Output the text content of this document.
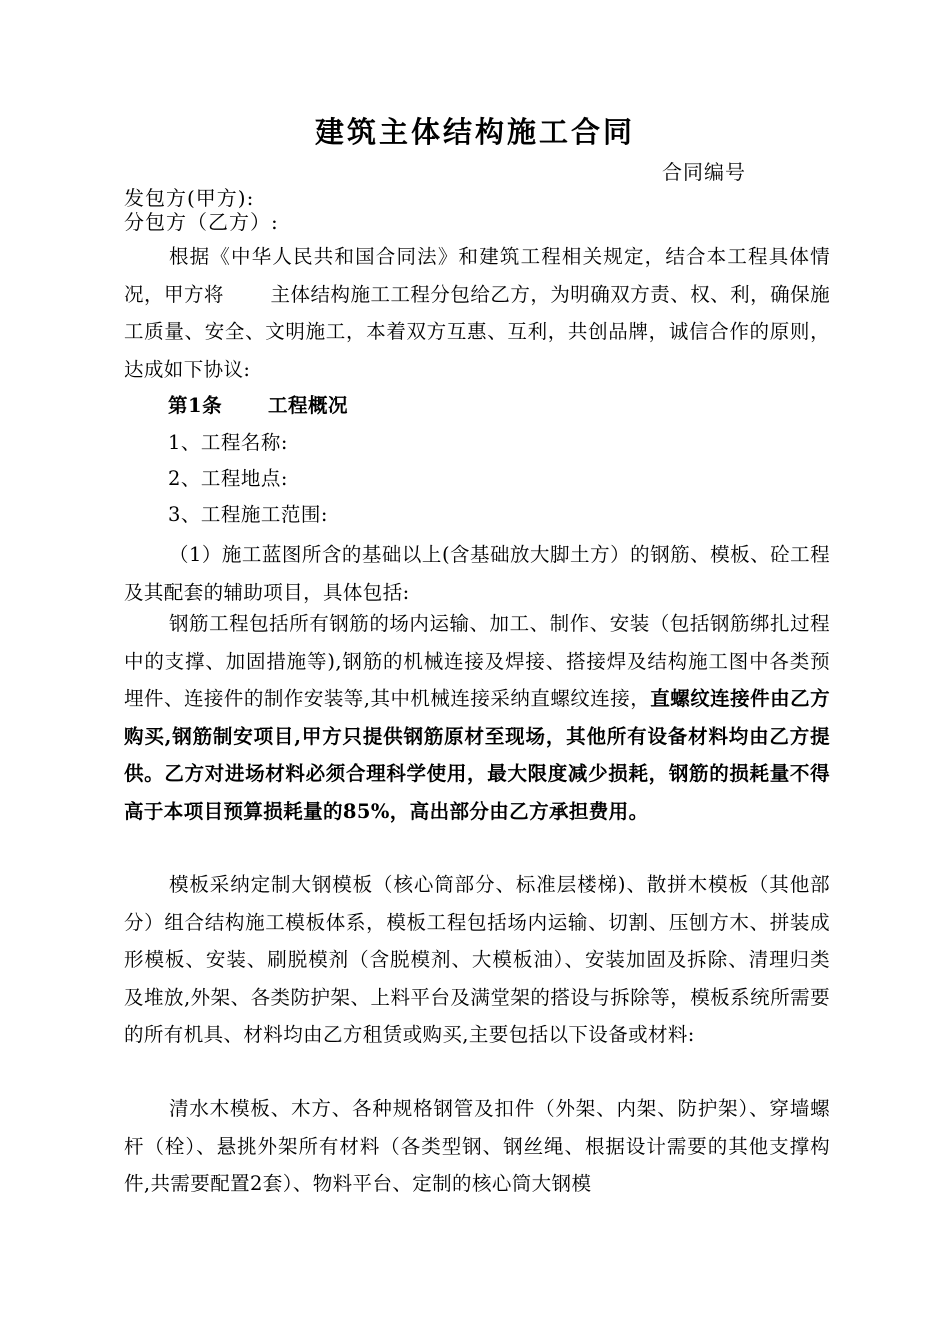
建筑主体结构施工合同
合同编号
发包方(甲方):
分包方（乙方）:
根据《中华人民共和国合同法》和建筑工程相关规定，结合本工程具体情况，甲方将　　 主体结构施工工程分包给乙方，为明确双方责、权、利，确保施工质量、安全、文明施工，本着双方互惠、互利，共创品牌，诚信合作的原则，达成如下协议:
第1条 工程概况
1、工程名称:
2、工程地点:
3、工程施工范围:
（1）施工蓝图所含的基础以上(含基础放大脚土方）的钢筋、模板、砼工程及其配套的辅助项目，具体包括:
钢筋工程包括所有钢筋的场内运输、加工、制作、安装（包括钢筋绑扎过程中的支撑、加固措施等),钢筋的机械连接及焊接、搭接焊及结构施工图中各类预埋件、连接件的制作安装等,其中机械连接采纳直螺纹连接，直螺纹连接件由乙方购买,钢筋制安项目,甲方只提供钢筋原材至现场，其他所有设备材料均由乙方提供。乙方对进场材料必须合理科学使用，最大限度减少损耗，钢筋的损耗量不得高于本项目预算损耗量的85%，高出部分由乙方承担费用。
模板采纳定制大钢模板（核心筒部分、标准层楼梯)、散拼木模板（其他部分）组合结构施工模板体系，模板工程包括场内运输、切割、压刨方木、拼装成形模板、安装、刷脱模剂（含脱模剂、大模板油）、安装加固及拆除、清理归类及堆放,外架、各类防护架、上料平台及满堂架的搭设与拆除等，模板系统所需要的所有机具、材料均由乙方租赁或购买,主要包括以下设备或材料:
清水木模板、木方、各种规格钢管及扣件（外架、内架、防护架）、穿墙螺杆（栓）、悬挑外架所有材料（各类型钢、钢丝绳、根据设计需要的其他支撑构件,共需要配置2套）、物料平台、定制的核心筒大钢模
